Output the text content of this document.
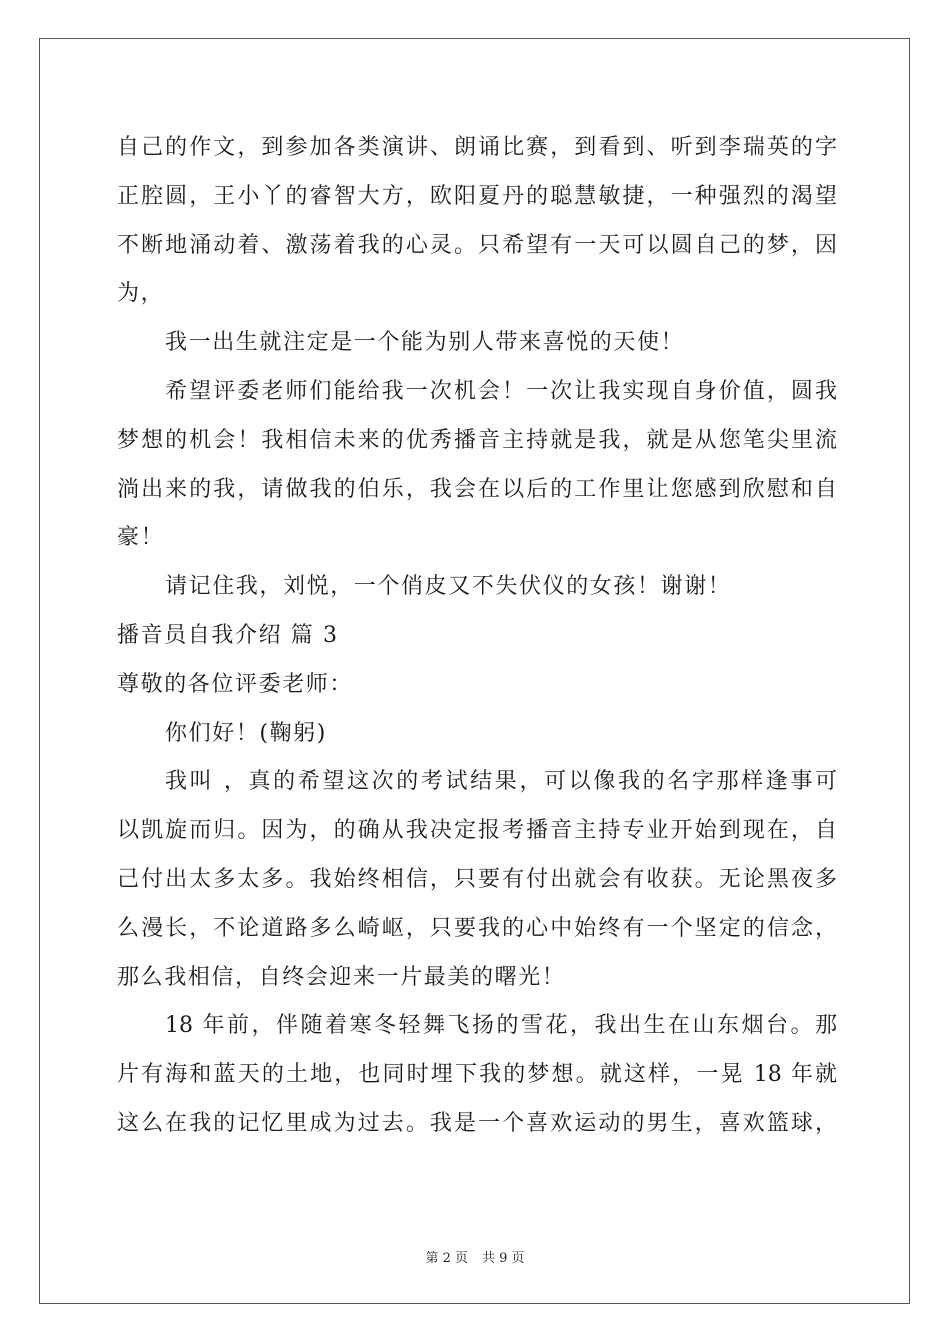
自己的作文，到参加各类演讲、朗诵比赛，到看到、听到李瑞英的字
正腔圆，王小丫的睿智大方，欧阳夏丹的聪慧敏捷，一种强烈的渴望
不断地涌动着、激荡着我的心灵。只希望有一天可以圆自己的梦，因
为，
我一出生就注定是一个能为别人带来喜悦的天使！
希望评委老师们能给我一次机会！一次让我实现自身价值，圆我
梦想的机会！我相信未来的优秀播音主持就是我，就是从您笔尖里流
淌出来的我，请做我的伯乐，我会在以后的工作里让您感到欣慰和自
豪！
请记住我，刘悦，一个俏皮又不失伏仪的女孩！谢谢！
播音员自我介绍 篇 3
尊敬的各位评委老师：
你们好！(鞠躬)
我叫 ，真的希望这次的考试结果，可以像我的名字那样逢事可
以凯旋而归。因为，的确从我决定报考播音主持专业开始到现在，自
己付出太多太多。我始终相信，只要有付出就会有收获。无论黑夜多
么漫长，不论道路多么崎岖，只要我的心中始终有一个坚定的信念，
那么我相信，自终会迎来一片最美的曙光！
18 年前，伴随着寒冬轻舞飞扬的雪花，我出生在山东烟台。那
片有海和蓝天的土地，也同时埋下我的梦想。就这样，一晃 18 年就
这么在我的记忆里成为过去。我是一个喜欢运动的男生，喜欢篮球，
第 2 页 共 9 页
